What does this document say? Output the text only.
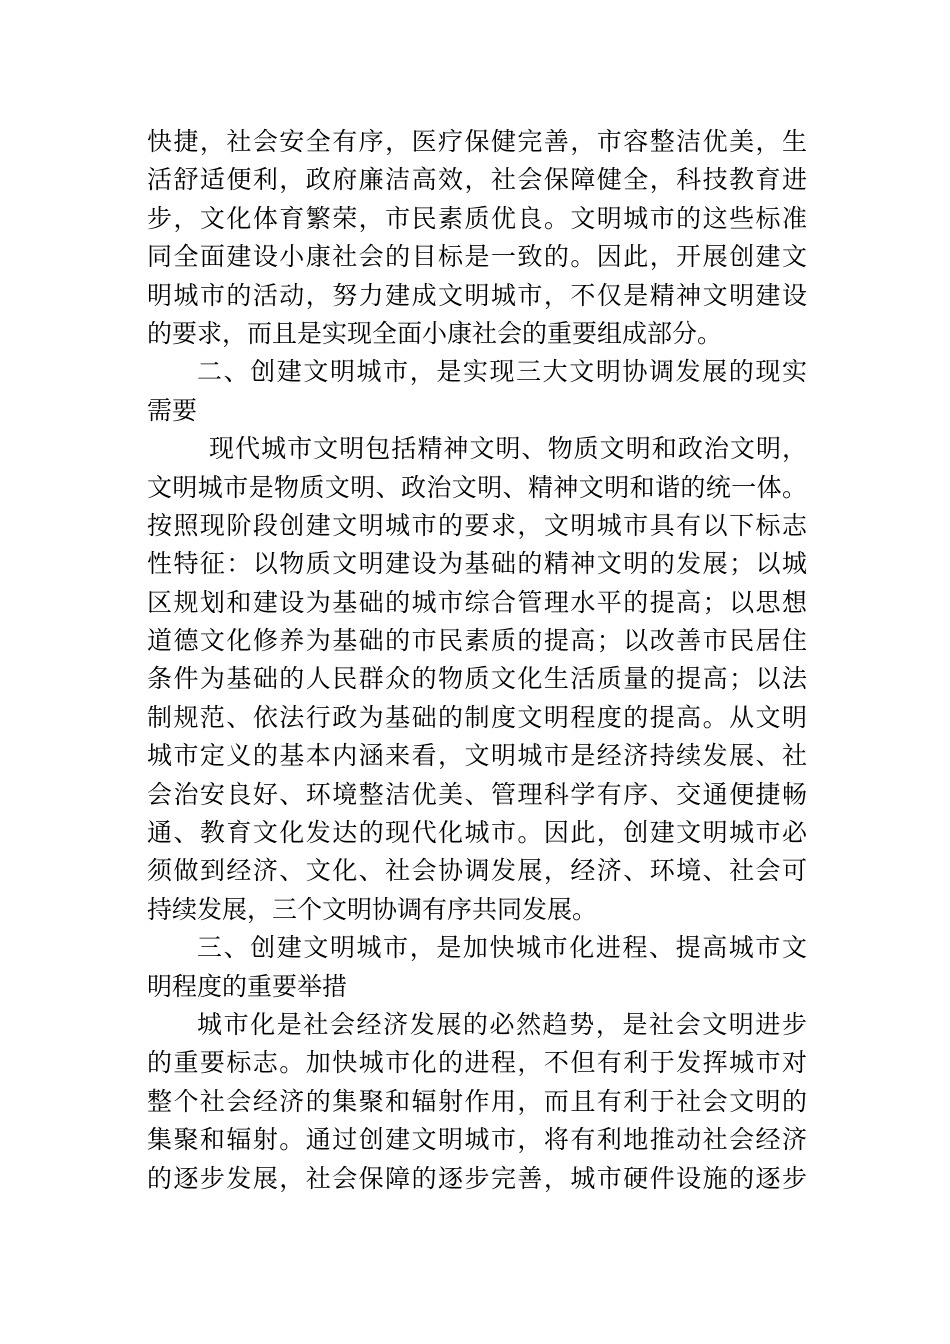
快捷，社会安全有序，医疗保健完善，市容整洁优美，生
活舒适便利，政府廉洁高效，社会保障健全，科技教育进
步，文化体育繁荣，市民素质优良。文明城市的这些标准
同全面建设小康社会的目标是一致的。因此，开展创建文
明城市的活动，努力建成文明城市，不仅是精神文明建设
的要求，而且是实现全面小康社会的重要组成部分。
二、创建文明城市，是实现三大文明协调发展的现实
需要
现代城市文明包括精神文明、物质文明和政治文明，
文明城市是物质文明、政治文明、精神文明和谐的统一体。
按照现阶段创建文明城市的要求，文明城市具有以下标志
性特征：以物质文明建设为基础的精神文明的发展；以城
区规划和建设为基础的城市综合管理水平的提高；以思想
道德文化修养为基础的市民素质的提高；以改善市民居住
条件为基础的人民群众的物质文化生活质量的提高；以法
制规范、依法行政为基础的制度文明程度的提高。从文明
城市定义的基本内涵来看，文明城市是经济持续发展、社
会治安良好、环境整洁优美、管理科学有序、交通便捷畅
通、教育文化发达的现代化城市。因此，创建文明城市必
须做到经济、文化、社会协调发展，经济、环境、社会可
持续发展，三个文明协调有序共同发展。
三、创建文明城市，是加快城市化进程、提高城市文
明程度的重要举措
城市化是社会经济发展的必然趋势，是社会文明进步
的重要标志。加快城市化的进程，不但有利于发挥城市对
整个社会经济的集聚和辐射作用，而且有利于社会文明的
集聚和辐射。通过创建文明城市，将有利地推动社会经济
的逐步发展，社会保障的逐步完善，城市硬件设施的逐步
